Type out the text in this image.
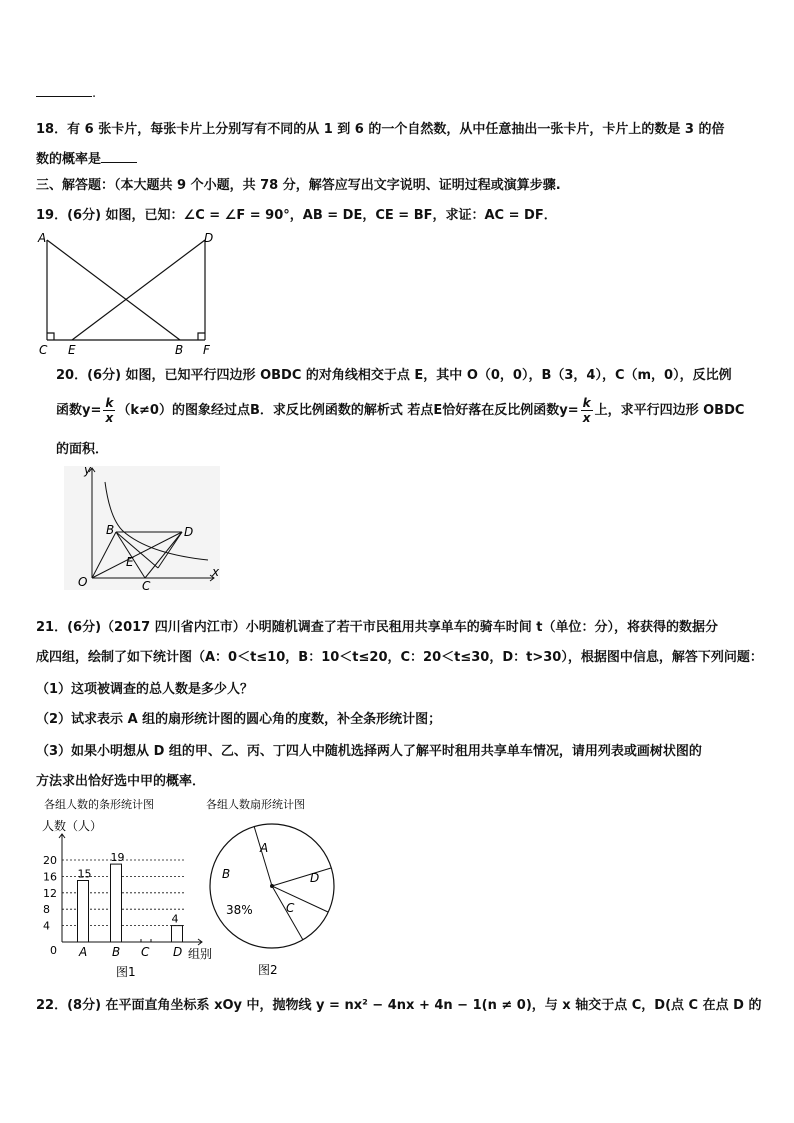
.
18．有 6 张卡片，每张卡片上分别写有不同的从 1 到 6 的一个自然数，从中任意抽出一张卡片，卡片上的数是 3 的倍
数的概率是
三、解答题：（本大题共 9 个小题，共 78 分，解答应写出文字说明、证明过程或演算步骤.
19．(6分) 如图，已知：∠C = ∠F = 90°，AB = DE，CE = BF，求证：AC = DF．
A	D
C E	B F
20．(6分) 如图，已知平行四边形 OBDC 的对角线相交于点 E，其中 O（0，0），B（3，4），C（m，0），反比例
函数$y= \frac{k}{x} (k\ne 0)$的图象经过点B．求反比例函数的解析式 若点E恰好落在反比例函数$y= \frac{k}{x}$ 上，求平行四边形 OBDC
的面积．
y
x
O
B	D
E
C
21．(6分)（2017 四川省内江市）小明随机调查了若干市民租用共享单车的骑车时间 t（单位：分），将获得的数据分
成四组，绘制了如下统计图（A：0＜t≤10，B：10＜t≤20，C：20＜t≤30，D：t>30），根据图中信息，解答下列问题：
（1）这项被调查的总人数是多少人？
（2）试求表示 A 组的扇形统计图的圆心角的度数，补全条形统计图；
（3）如果小明想从 D 组的甲、乙、丙、丁四人中随机选择两人了解平时租用共享单车情况，请用列表或画树状图的
方法求出恰好选中甲的概率．
各组人数的条形统计图
人数（人）
15
19
4
0
4
8
12
16
20
A B C D 组别
图1
各组人数扇形统计图
A
B
38%	C
D
图2
22．(8分) 在平面直角坐标系 xOy 中，抛物线 y = nx² − 4nx + 4n − 1(n ≠ 0)，与 x 轴交于点 C，D(点 C 在点 D 的
